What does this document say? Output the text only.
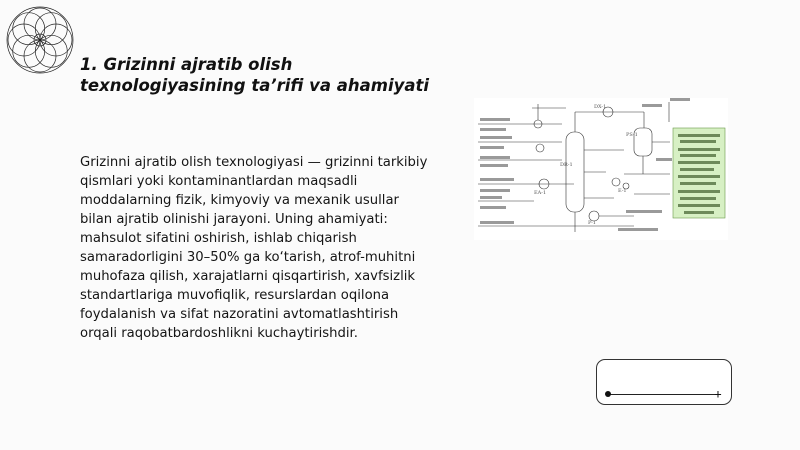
1. Grizinni ajratib olish
texnologiyasining ta’rifi va ahamiyati

Grizinni ajratib olish texnologiyasi — grizinni tarkibiy qismlari yoki kontaminantlardan maqsadli moddalarning fizik, kimyoviy va mexanik usullar bilan ajratib olinishi jarayoni. Uning ahamiyati: mahsulot sifatini oshirish, ishlab chiqarish samaradorligini 30–50% ga ko‘tarish, atrof-muhitni muhofaza qilish, xarajatlarni qisqartirish, xavfsizlik standartlariga muvofiqlik, resurslardan oqilona foydalanish va sifat nazoratini avtomatlashtirish orqali raqobatbardoshlikni kuchaytirishdir.

DR-1
PS-1
DX-1
EA-1
P-1
E-1
+
